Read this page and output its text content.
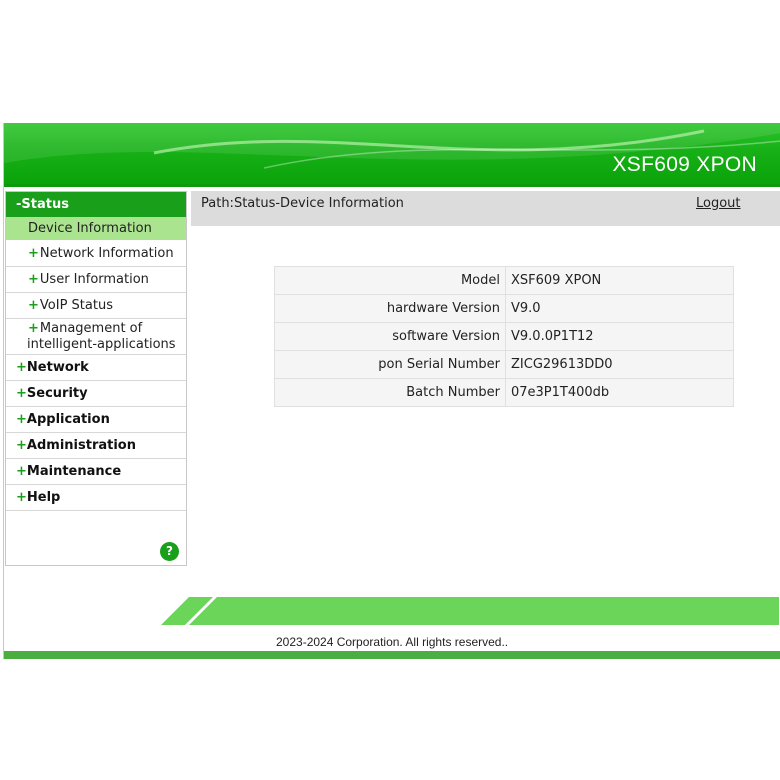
XSF609 XPON
-Status
Device Information
+Network Information
+User Information
+VoIP Status
+Management of
intelligent-applications
+Network
+Security
+Application
+Administration
+Maintenance
+Help
?
Path:Status-Device Information	Logout
Model	XSF609 XPON
hardware Version	V9.0
software Version	V9.0.0P1T12
pon Serial Number	ZICG29613DD0
Batch Number	07e3P1T400db
2023-2024 Corporation. All rights reserved..
